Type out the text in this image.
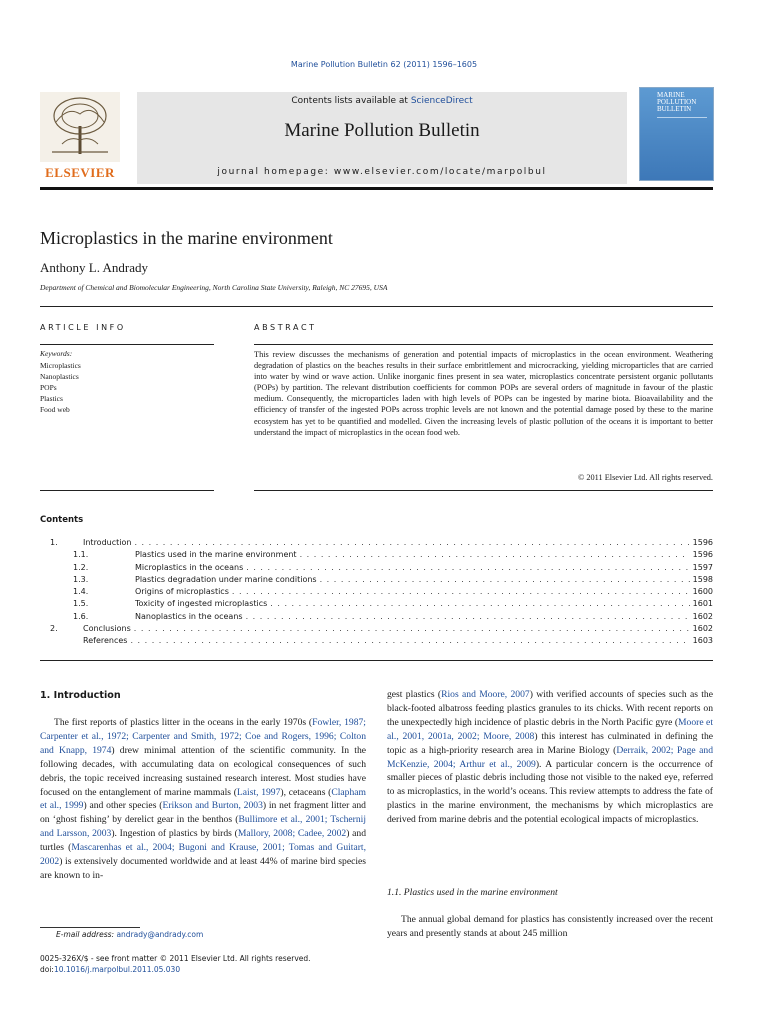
Marine Pollution Bulletin 62 (2011) 1596–1605
ELSEVIER
Contents lists available at ScienceDirect
Marine Pollution Bulletin
journal homepage: www.elsevier.com/locate/marpolbul
MARINE
POLLUTION
BULLETIN
Microplastics in the marine environment
Anthony L. Andrady
Department of Chemical and Biomolecular Engineering, North Carolina State University, Raleigh, NC 27695, USA
ARTICLE INFO	ABSTRACT
Keywords:
Microplastics
Nanoplastics
POPs
Plastics
Food web
This review discusses the mechanisms of generation and potential impacts of microplastics in the ocean environment. Weathering degradation of plastics on the beaches results in their surface embrittlement and microcracking, yielding microparticles that are carried into water by wind or wave action. Unlike inorganic fines present in sea water, microplastics concentrate persistent organic pollutants (POPs) by partition. The relevant distribution coefficients for common POPs are several orders of magnitude in favour of the plastic medium. Consequently, the microparticles laden with high levels of POPs can be ingested by marine biota. Bioavailability and the efficiency of transfer of the ingested POPs across trophic levels are not known and the potential damage posed by these to the marine ecosystem has yet to be quantified and modelled. Given the increasing levels of plastic pollution of the oceans it is important to better understand the impact of microplastics in the ocean food web.
© 2011 Elsevier Ltd. All rights reserved.
Contents
1.	Introduction . . .	1596
1.1.	Plastics used in the marine environment . . .	1596
1.2.	Microplastics in the oceans . . .	1597
1.3.	Plastics degradation under marine conditions . . .	1598
1.4.	Origins of microplastics . . .	1600
1.5.	Toxicity of ingested microplastics . . .	1601
1.6.	Nanoplastics in the oceans . . .	1602
2.	Conclusions . . .	1602
References . . .	1603
1. Introduction
The first reports of plastics litter in the oceans in the early 1970s (Fowler, 1987; Carpenter et al., 1972; Carpenter and Smith, 1972; Coe and Rogers, 1996; Colton and Knapp, 1974) drew minimal attention of the scientific community. In the following decades, with accumulating data on ecological consequences of such debris, the topic received increasing sustained research interest. Most studies have focused on the entanglement of marine mammals (Laist, 1997), cetaceans (Clapham et al., 1999) and other species (Erikson and Burton, 2003) in net fragment litter and on ‘ghost fishing’ by derelict gear in the benthos (Bullimore et al., 2001; Tschernij and Larsson, 2003). Ingestion of plastics by birds (Mallory, 2008; Cadee, 2002) and turtles (Mascarenhas et al., 2004; Bugoni and Krause, 2001; Tomas and Guitart, 2002) is extensively documented worldwide and at least 44% of marine bird species are known to in-
gest plastics (Rios and Moore, 2007) with verified accounts of species such as the black-footed albatross feeding plastics granules to its chicks. With recent reports on the unexpectedly high incidence of plastic debris in the North Pacific gyre (Moore et al., 2001, 2001a, 2002; Moore, 2008) this interest has culminated in defining the topic as a high-priority research area in Marine Biology (Derraik, 2002; Page and McKenzie, 2004; Arthur et al., 2009). A particular concern is the occurrence of smaller pieces of plastic debris including those not visible to the naked eye, referred to as microplastics, in the world’s oceans. This review attempts to address the fate of plastics in the marine environment, the mechanisms by which microplastics are derived from marine debris and the potential ecological impacts of microplastics.
1.1. Plastics used in the marine environment
The annual global demand for plastics has consistently increased over the recent years and presently stands at about 245 million
E-mail address: andrady@andrady.com
0025-326X/$ - see front matter © 2011 Elsevier Ltd. All rights reserved.
doi:10.1016/j.marpolbul.2011.05.030
